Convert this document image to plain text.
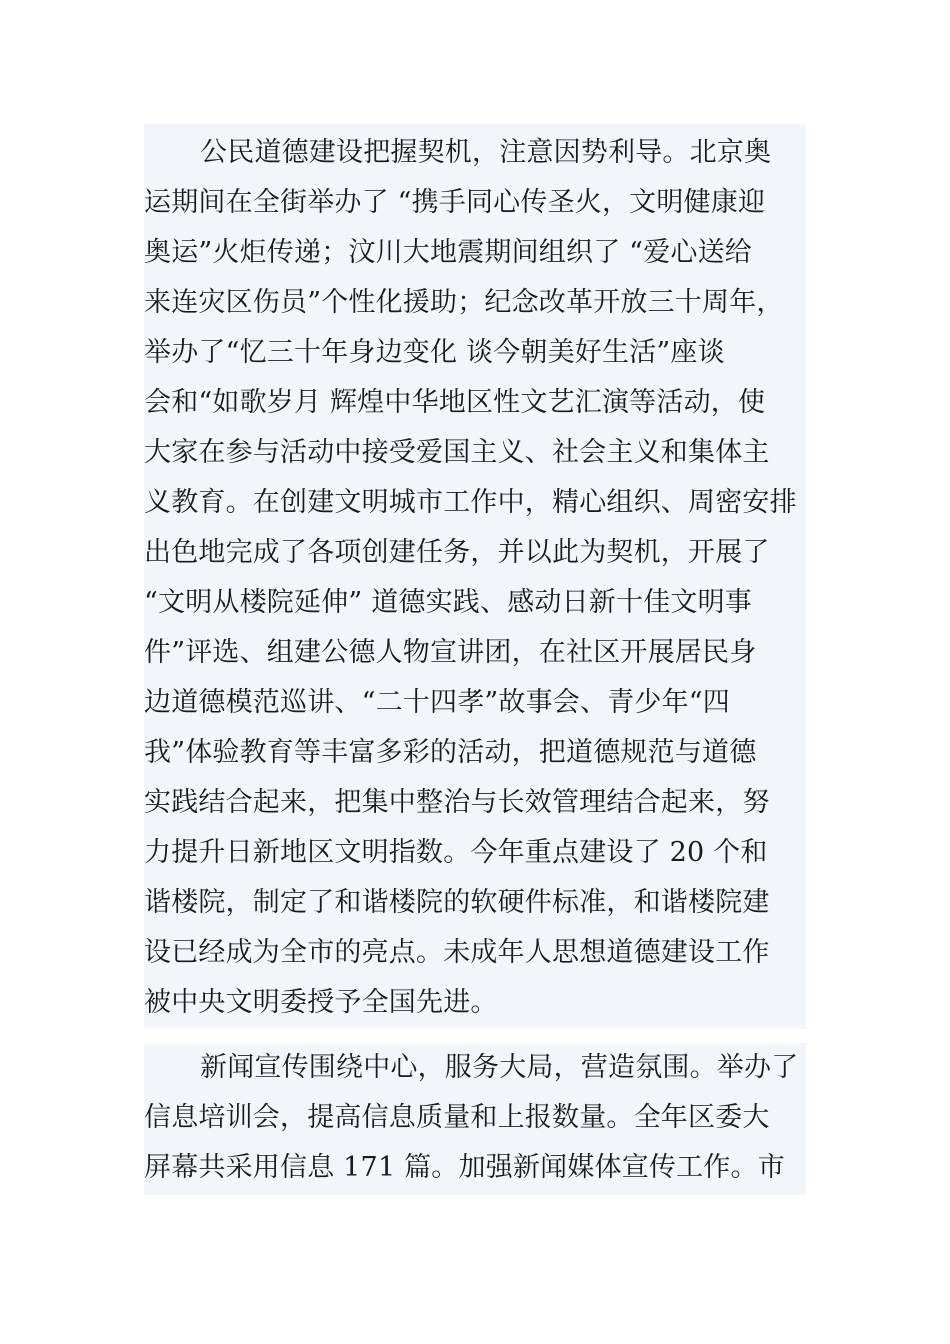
公民道德建设把握契机，注意因势利导。北京奥
运期间在全街举办了 “携手同心传圣火，文明健康迎
奥运”火炬传递；汶川大地震期间组织了 “爱心送给
来连灾区伤员”个性化援助；纪念改革开放三十周年，
举办了“忆三十年身边变化 谈今朝美好生活”座谈
会和“如歌岁月 辉煌中华地区性文艺汇演等活动，使
大家在参与活动中接受爱国主义、社会主义和集体主
义教育。在创建文明城市工作中，精心组织、周密安排
出色地完成了各项创建任务，并以此为契机，开展了
“文明从楼院延伸” 道德实践、感动日新十佳文明事
件”评选、组建公德人物宣讲团，在社区开展居民身
边道德模范巡讲、“二十四孝”故事会、青少年“四
我”体验教育等丰富多彩的活动，把道德规范与道德
实践结合起来，把集中整治与长效管理结合起来，努
力提升日新地区文明指数。今年重点建设了 20 个和
谐楼院，制定了和谐楼院的软硬件标准，和谐楼院建
设已经成为全市的亮点。未成年人思想道德建设工作
被中央文明委授予全国先进。
新闻宣传围绕中心，服务大局，营造氛围。举办了
信息培训会，提高信息质量和上报数量。全年区委大
屏幕共采用信息 171 篇。加强新闻媒体宣传工作。市
